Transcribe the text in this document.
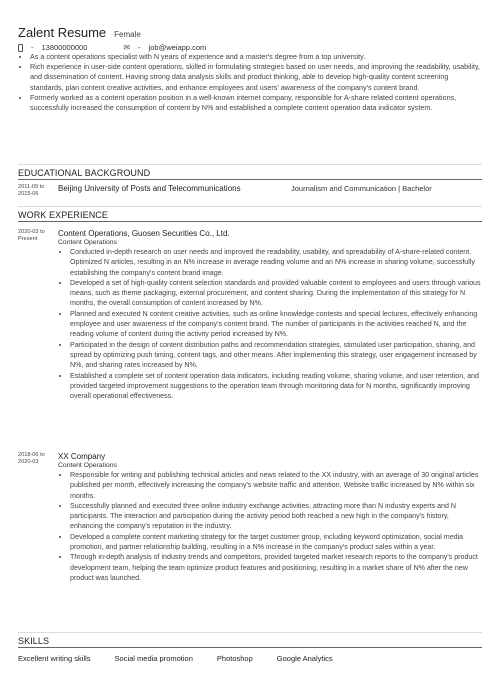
Zalent Resume Female
- 13800000000	✉ - job@weiapp.com
• As a content operations specialist with N years of experience and a master's degree from a top university.
• Rich experience in user-side content operations, skilled in formulating strategies based on user needs, and improving the readability, usability, and dissemination of content. Having strong data analysis skills and product thinking, able to develop high-quality content screening standards, plan content creative activities, and enhance employees and users' awareness of the company's content brand.
• Formerly worked as a content operation position in a well-known internet company, responsible for A-share related content operations, successfully increased the consumption of content by N% and established a complete content operation data indicator system.
EDUCATIONAL BACKGROUND
2011-09 to
2015-06
Beijing University of Posts and Telecommunications	Journalism and Communication | Bachelor
WORK EXPERIENCE
2020-03 to
Present
Content Operations, Guosen Securities Co., Ltd.
Content Operations
• Conducted in-depth research on user needs and improved the readability, usability, and spreadability of A-share-related content. Optimized N articles, resulting in an N% increase in average reading volume and an N% increase in sharing volume, successfully establishing the company's content brand image.
• Developed a set of high-quality content selection standards and provided valuable content to employees and users through various means, such as theme packaging, external procurement, and content sharing. During the implementation of this strategy for N months, the overall consumption of content increased by N%.
• Planned and executed N content creative activities, such as online knowledge contests and special lectures, effectively enhancing employee and user awareness of the company's content brand. The number of participants in the activities reached N, and the reading volume of content during the activity period increased by N%.
• Participated in the design of content distribution paths and recommendation strategies, stimulated user participation, sharing, and spread by optimizing push timing, content tags, and other means. After implementing this strategy, user engagement increased by N%, and sharing rates increased by N%.
• Established a complete set of content operation data indicators, including reading volume, sharing volume, and user retention, and provided targeted improvement suggestions to the operation team through monitoring data for N months, significantly improving overall operational effectiveness.
2018-06 to
2020-03
XX Company
Content Operations
• Responsible for writing and publishing technical articles and news related to the XX industry, with an average of 30 original articles published per month, effectively increasing the company's website traffic and attention. Website traffic increased by N% within six months.
• Successfully planned and executed three online industry exchange activities, attracting more than N industry experts and N participants. The interaction and participation during the activity period both reached a new high in the company's history, enhancing the company's reputation in the industry.
• Developed a complete content marketing strategy for the target customer group, including keyword optimization, social media promotion, and partner relationship building, resulting in a N% increase in the company's product sales within a year.
• Through in-depth analysis of industry trends and competitors, provided targeted market research reports to the company's product development team, helping the team optimize product features and positioning, resulting in a market share of N% after the new product was launched.
SKILLS
Excellent writing skills	Social media promotion	Photoshop	Google Analytics
